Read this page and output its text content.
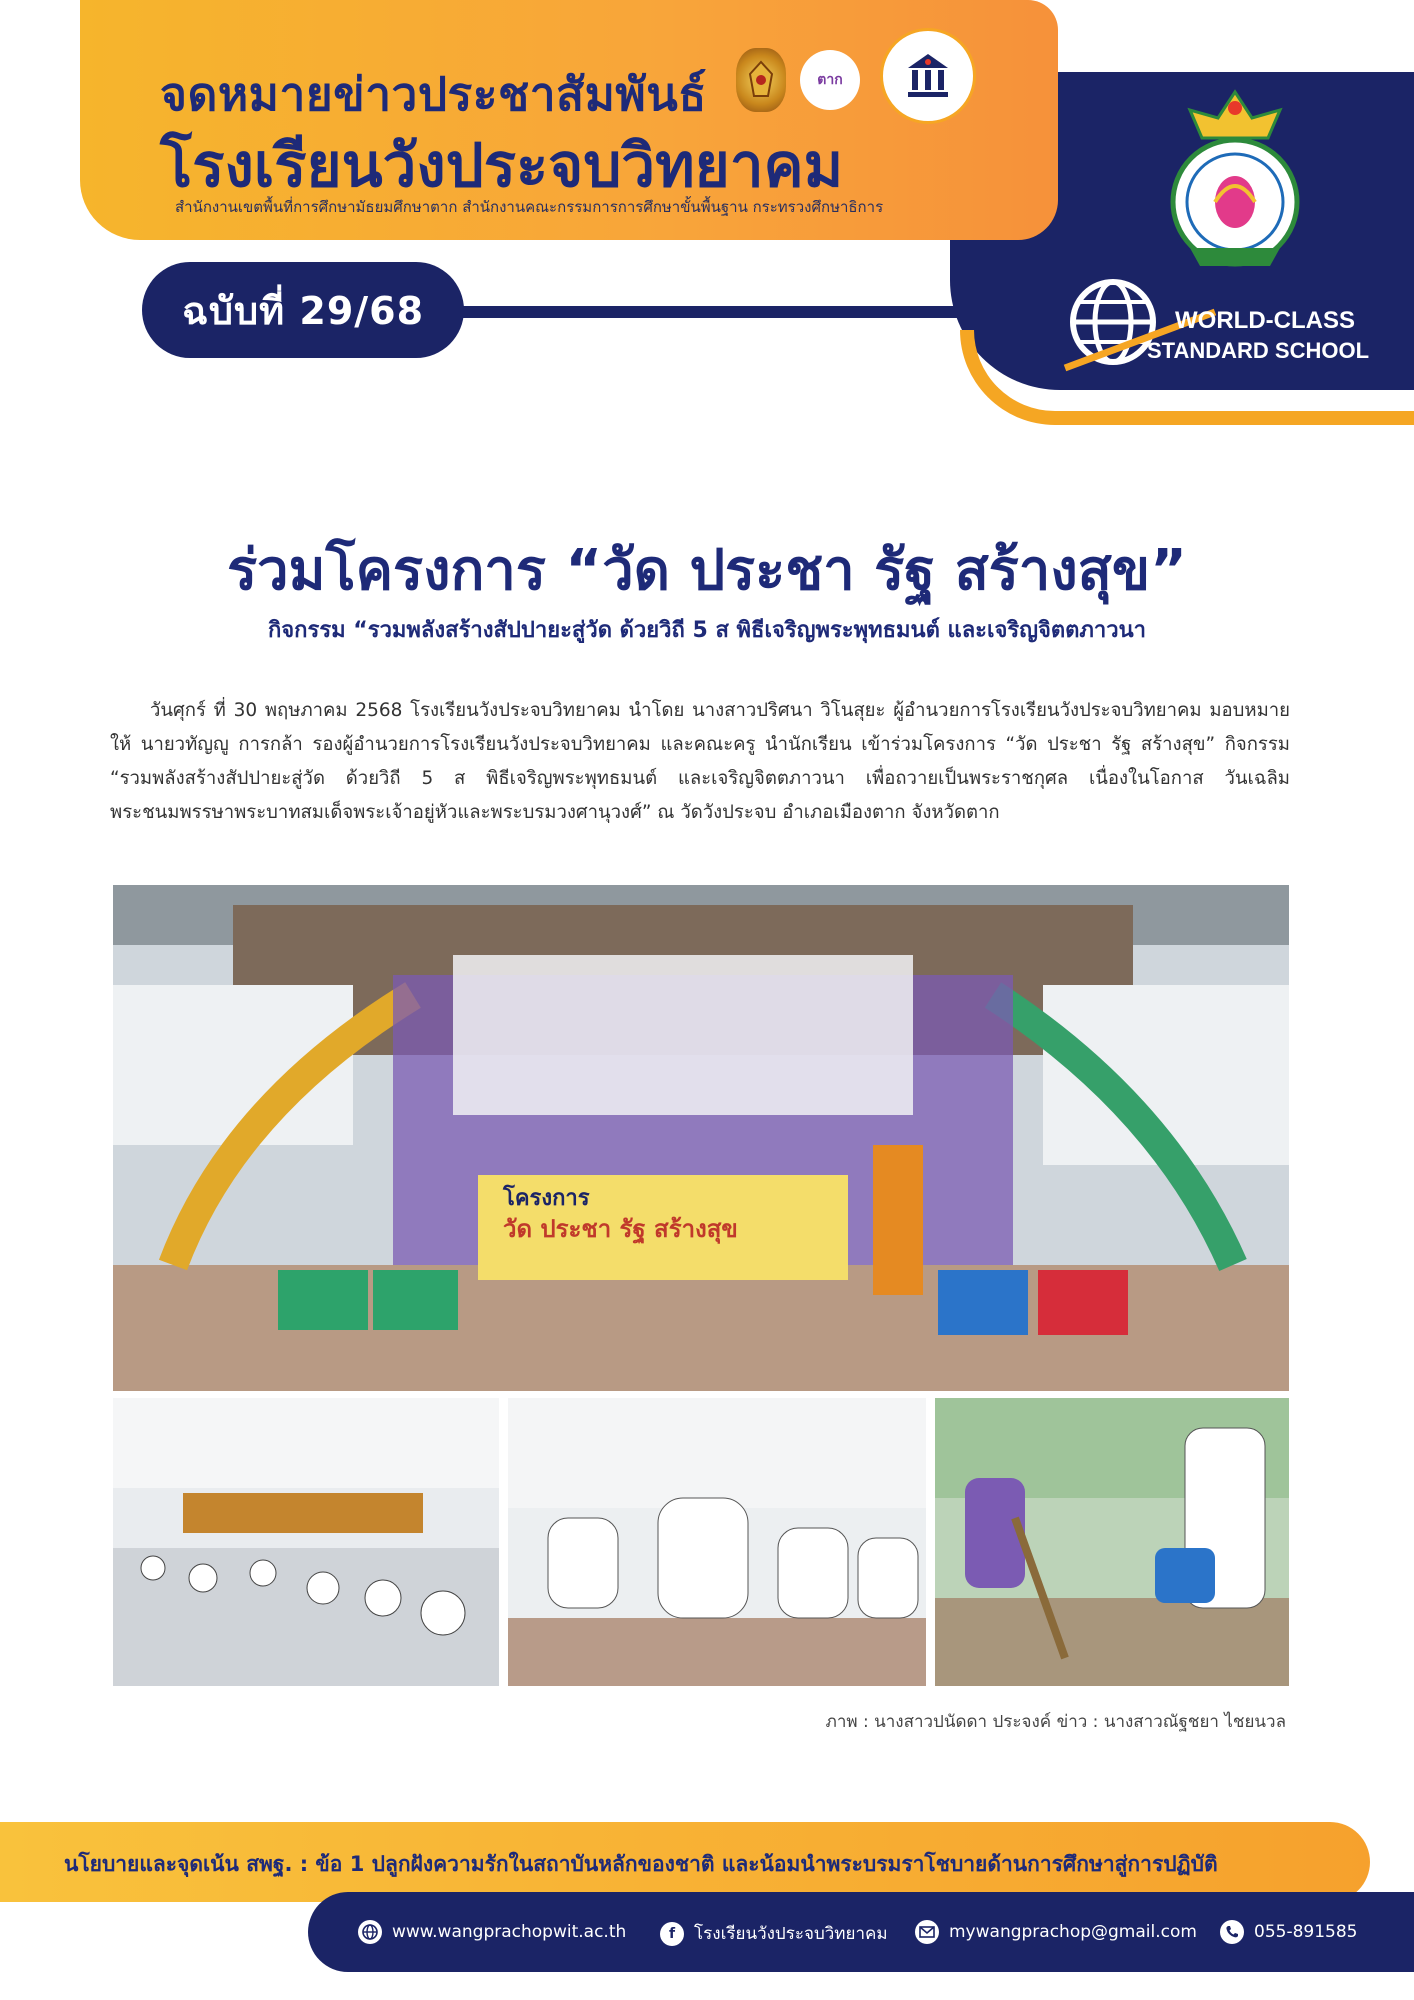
จดหมายข่าวประชาสัมพันธ์
โรงเรียนวังประจบวิทยาคม
สำนักงานเขตพื้นที่การศึกษามัธยมศึกษาตาก สำนักงานคณะกรรมการการศึกษาขั้นพื้นฐาน กระทรวงศึกษาธิการ
ตาก
ฉบับที่ 29/68	WORLD-CLASS
STANDARD SCHOOL
ร่วมโครงการ “วัด ประชา รัฐ สร้างสุข”
กิจกรรม “รวมพลังสร้างสัปปายะสู่วัด ด้วยวิถี 5 ส พิธีเจริญพระพุทธมนต์ และเจริญจิตตภาวนา
วันศุกร์ ที่ 30 พฤษภาคม 2568 โรงเรียนวังประจบวิทยาคม นำโดย นางสาวปริศนา วิโนสุยะ ผู้อำนวยการโรงเรียนวังประจบวิทยาคม มอบหมายให้ นายวทัญญู การกล้า รองผู้อำนวยการโรงเรียนวังประจบวิทยาคม และคณะครู นำนักเรียน เข้าร่วมโครงการ “วัด ประชา รัฐ สร้างสุข” กิจกรรม “รวมพลังสร้างสัปปายะสู่วัด ด้วยวิถี 5 ส พิธีเจริญพระพุทธมนต์ และเจริญจิตตภาวนา เพื่อถวายเป็นพระราชกุศล เนื่องในโอกาส วันเฉลิมพระชนมพรรษาพระบาทสมเด็จพระเจ้าอยู่หัวและพระบรมวงศานุวงศ์” ณ วัดวังประจบ อำเภอเมืองตาก จังหวัดตาก
โครงการ
วัด ประชา รัฐ สร้างสุข
ภาพ : นางสาวปนัดดา ประจงค์ ข่าว : นางสาวณัฐชยา ไชยนวล
นโยบายและจุดเน้น สพฐ. : ข้อ 1 ปลูกฝังความรักในสถาบันหลักของชาติ และน้อมนำพระบรมราโชบายด้านการศึกษาสู่การปฏิบัติ
www.wangprachopwit.ac.th	f	โรงเรียนวังประจบวิทยาคม	mywangprachop@gmail.com	055-891585
